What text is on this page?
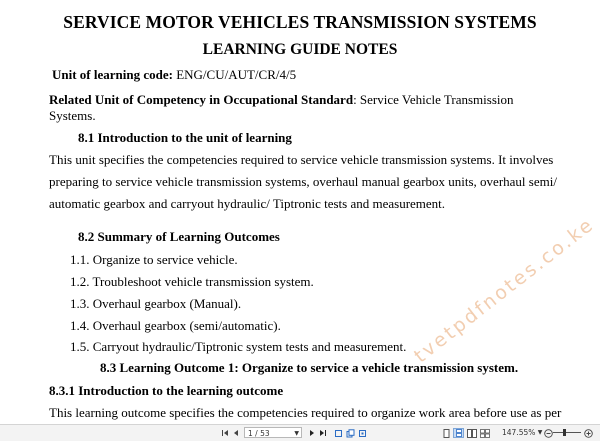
SERVICE MOTOR VEHICLES TRANSMISSION SYSTEMS
LEARNING GUIDE NOTES
Unit of learning code: ENG/CU/AUT/CR/4/5
Related Unit of Competency in Occupational Standard: Service Vehicle Transmission
Systems.
8.1 Introduction to the unit of learning
This unit specifies the competencies required to service vehicle transmission systems. It involves
preparing to service vehicle transmission systems, overhaul manual gearbox units, overhaul semi/
automatic gearbox and carryout hydraulic/ Tiptronic tests and measurement.
8.2 Summary of Learning Outcomes
1.1. Organize to service vehicle.
1.2. Troubleshoot vehicle transmission system.
1.3. Overhaul gearbox (Manual).
1.4. Overhaul gearbox (semi/automatic).
1.5. Carryout hydraulic/Tiptronic system tests and measurement.
8.3 Learning Outcome 1: Organize to service a vehicle transmission system.
8.3.1 Introduction to the learning outcome
This learning outcome specifies the competencies required to organize work area before use as per
tvetpdfnotes.co.ke
1 / 53	▼	147.55% ▼
